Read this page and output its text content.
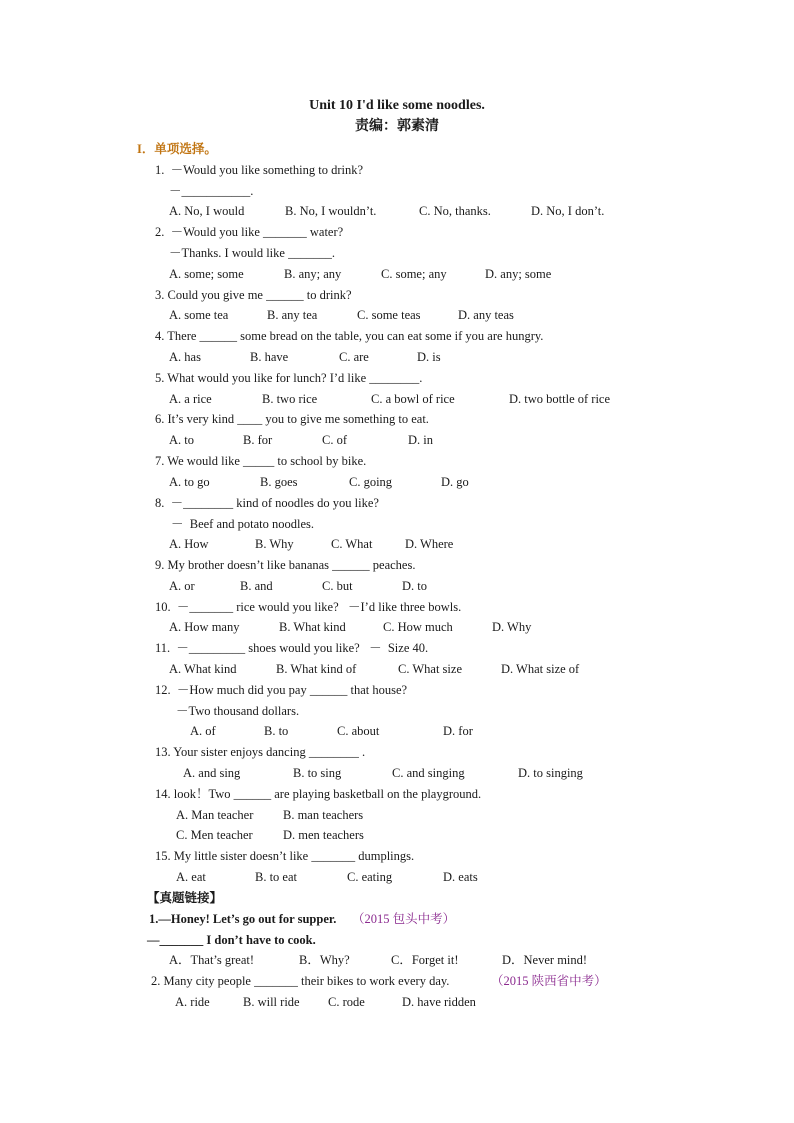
Unit 10 I'd like some noodles.
责编：郭素清
I．单项选择。
1.  －Would you like something to drink?
－___________.
A. No, I would	B. No, I wouldn’t.	C. No, thanks.	D. No, I don’t.
2.  －Would you like _______ water?
－Thanks. I would like _______.
A. some; some	B. any; any	C. some; any	D. any; some
3. Could you give me ______ to drink?
A. some tea	B. any tea	C. some teas	D. any teas
4. There ______ some bread on the table, you can eat some if you are hungry.
A. has	B. have	C. are	D. is
5. What would you like for lunch? I’d like ________.
A. a rice	B. two rice	C. a bowl of rice	D. two bottle of rice
6. It’s very kind ____ you to give me something to eat.
A. to	B. for	C. of	D. in
7. We would like _____ to school by bike.
A. to go	B. goes	C. going	D. go
8.  －________ kind of noodles do you like?
－  Beef and potato noodles.
A. How	B. Why	C. What	D. Where
9. My brother doesn’t like bananas ______ peaches.
A. or	B. and	C. but	D. to
10.  －_______ rice would you like?   －I’d like three bowls.
A. How many	B. What kind	C. How much	D. Why
11.  －_________ shoes would you like?   －  Size 40.
A. What kind	B. What kind of	C. What size	D. What size of
12.  －How much did you pay ______ that house?
－Two thousand dollars.
A. of	B. to	C. about	D. for
13. Your sister enjoys dancing ________ .
A. and sing	B. to sing	C. and singing	D. to singing
14. look！Two ______ are playing basketball on the playground.
A. Man teacher B. man teachers
C. Men teacher D. men teachers
15. My little sister doesn’t like _______ dumplings.
A. eat	B. to eat	C. eating	D. eats
【真题链接】
1.—Honey! Let’s go out for supper. （2015 包头中考）
—_______ I don’t have to cook.
A．That’s great!	B．Why?	C．Forget it!	D．Never mind!
2. Many city people _______ their bikes to work every day.	（2015 陕西省中考）
A. ride	B. will ride C. rode	D. have ridden
